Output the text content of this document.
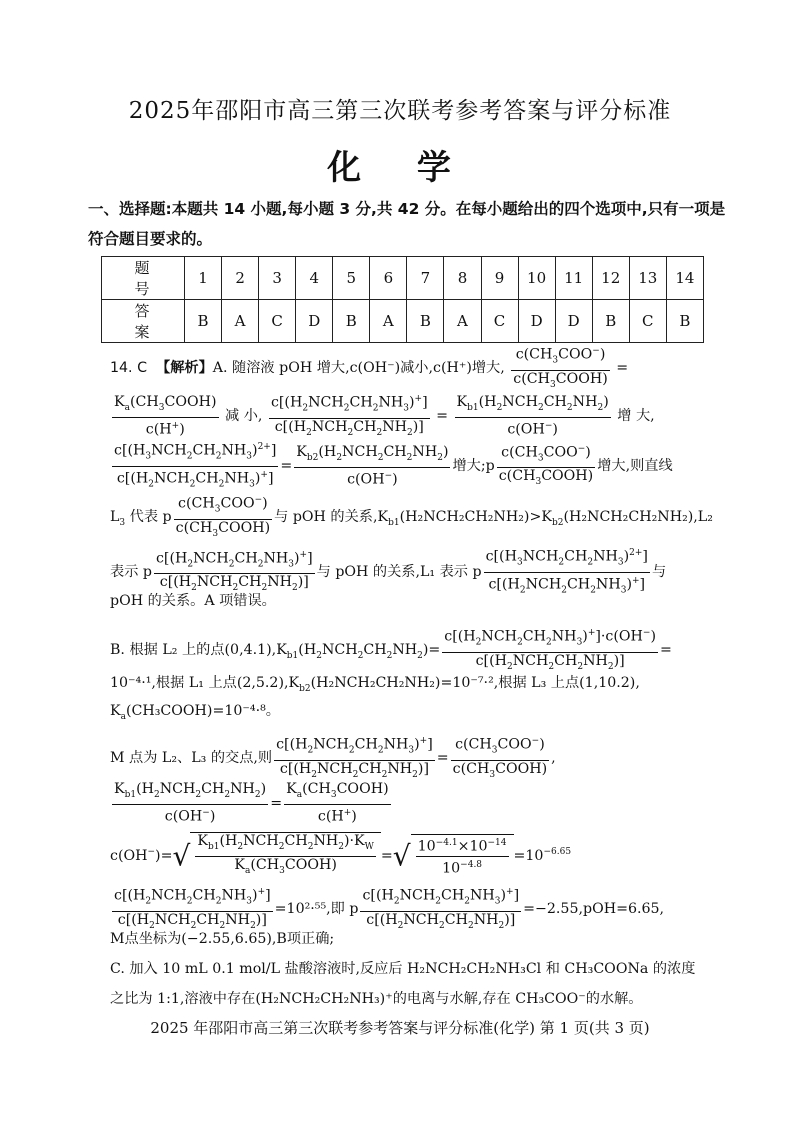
2025年邵阳市高三第三次联考参考答案与评分标准
化 学
一、选择题:本题共 14 小题,每小题 3 分,共 42 分。在每小题给出的四个选项中,只有一项是符合题目要求的。
题 号	1	2	3	4	5	6	7	8	9	10	11	12	13	14
答 案	B	A	C	D	B	A	B	A	C	D	D	B	C	B
14. C 【解析】A. 随溶液 pOH 增大,c(OH⁻)减小,c(H⁺)增大, $\frac{c(CH_3COO^-)}{c(CH_3COOH)}$ =
$\frac{K_a(CH_3COOH)}{c(H^+)}$ 减 小, $\frac{c[(H_2NCH_2CH_2NH_3)^+]}{c[(H_2NCH_2CH_2NH_2)]} = \frac{K_{b1}(H_2NCH_2CH_2NH_2)}{c(OH^-)}$ 增 大,
$\frac{c[(H_3NCH_2CH_2NH_3)^{2+}]}{c[(H_2NCH_2CH_2NH_3)^+]} = \frac{K_{b2}(H_2NCH_2CH_2NH_2)}{c(OH^-)}$ 增大;p $\frac{c(CH_3COO^-)}{c(CH_3COOH)}$ 增大,则直线
$L_3$ 代表 p $\frac{c(CH_3COO^-)}{c(CH_3COOH)}$ 与 pOH 的关系$,K_{b1}(H_2NCH_2CH_2NH_2)>K_{b2}(H_2NCH_2CH_2NH_2),L_2$
表示 p $\frac{c[(H_2NCH_2CH_2NH_3)^+]}{c[(H_2NCH_2CH_2NH_2)]}$ 与 pOH 的关系,L₁ 表示 p $\frac{c[(H_3NCH_2CH_2NH_3)^{2+}]}{c[(H_2NCH_2CH_2NH_3)^+]}$ 与
pOH 的关系。A 项错误。
B. 根据 L₂ 上的点$(0,4.1),K_{b1}(H_2NCH_2CH_2NH_2)= \frac{c[(H_2NCH_2CH_2NH_3)^+]\cdot c(OH^-)}{c[(H_2NCH_2CH_2NH_2)]}$ =
10⁻⁴·¹,根据 L₁ 上点$(2,5.2),K_{b2}(H_2NCH_2CH_2NH_2)=10^{-7}\cdot^2$,根据 L₃ 上点(1,10.2),
$K_a(CH_3COOH)=10^{-4}\cdot^8$。
M 点为 L₂、L₃ 的交点,则 $\frac{c[(H_2NCH_2CH_2NH_3)^+]}{c[(H_2NCH_2CH_2NH_2)]} = \frac{c(CH_3COO^-)}{c(CH_3COOH)}$ ,
$\frac{K_{b1}(H_2NCH_2CH_2NH_2)}{c(OH^-)} = \frac{K_a(CH_3COOH)}{c(H^+)}$
$c(OH^-)=√ \frac{K_{b1}(H_2NCH_2CH_2NH_2)\cdot K_W}{K_a(CH_3COOH)}$ =√ $\frac{10^{-4.1}\times 10^{-14}}{10^{-4.8}} =10^{-6.65}$
$\frac{c[(H_2NCH_2CH_2NH_3)^+]}{c[(H_2NCH_2CH_2NH_2)]} =10^2\cdot^{55}$,即 p $\frac{c[(H_2NCH_2CH_2NH_3)^+]}{c[(H_2NCH_2CH_2NH_2)]} =-2.55,pOH=6.65$,
M点坐标为(−2.55,6.65),B项正确;
C. 加入 10 mL 0.1 mol/L 盐酸溶液时,反应后 H₂NCH₂CH₂NH₃Cl 和 CH₃COONa 的浓度
之比为 1:1,溶液中存在(H₂NCH₂CH₂NH₃)⁺的电离与水解,存在 CH₃COO⁻的水解。
2025 年邵阳市高三第三次联考参考答案与评分标准(化学) 第 1 页(共 3 页)
